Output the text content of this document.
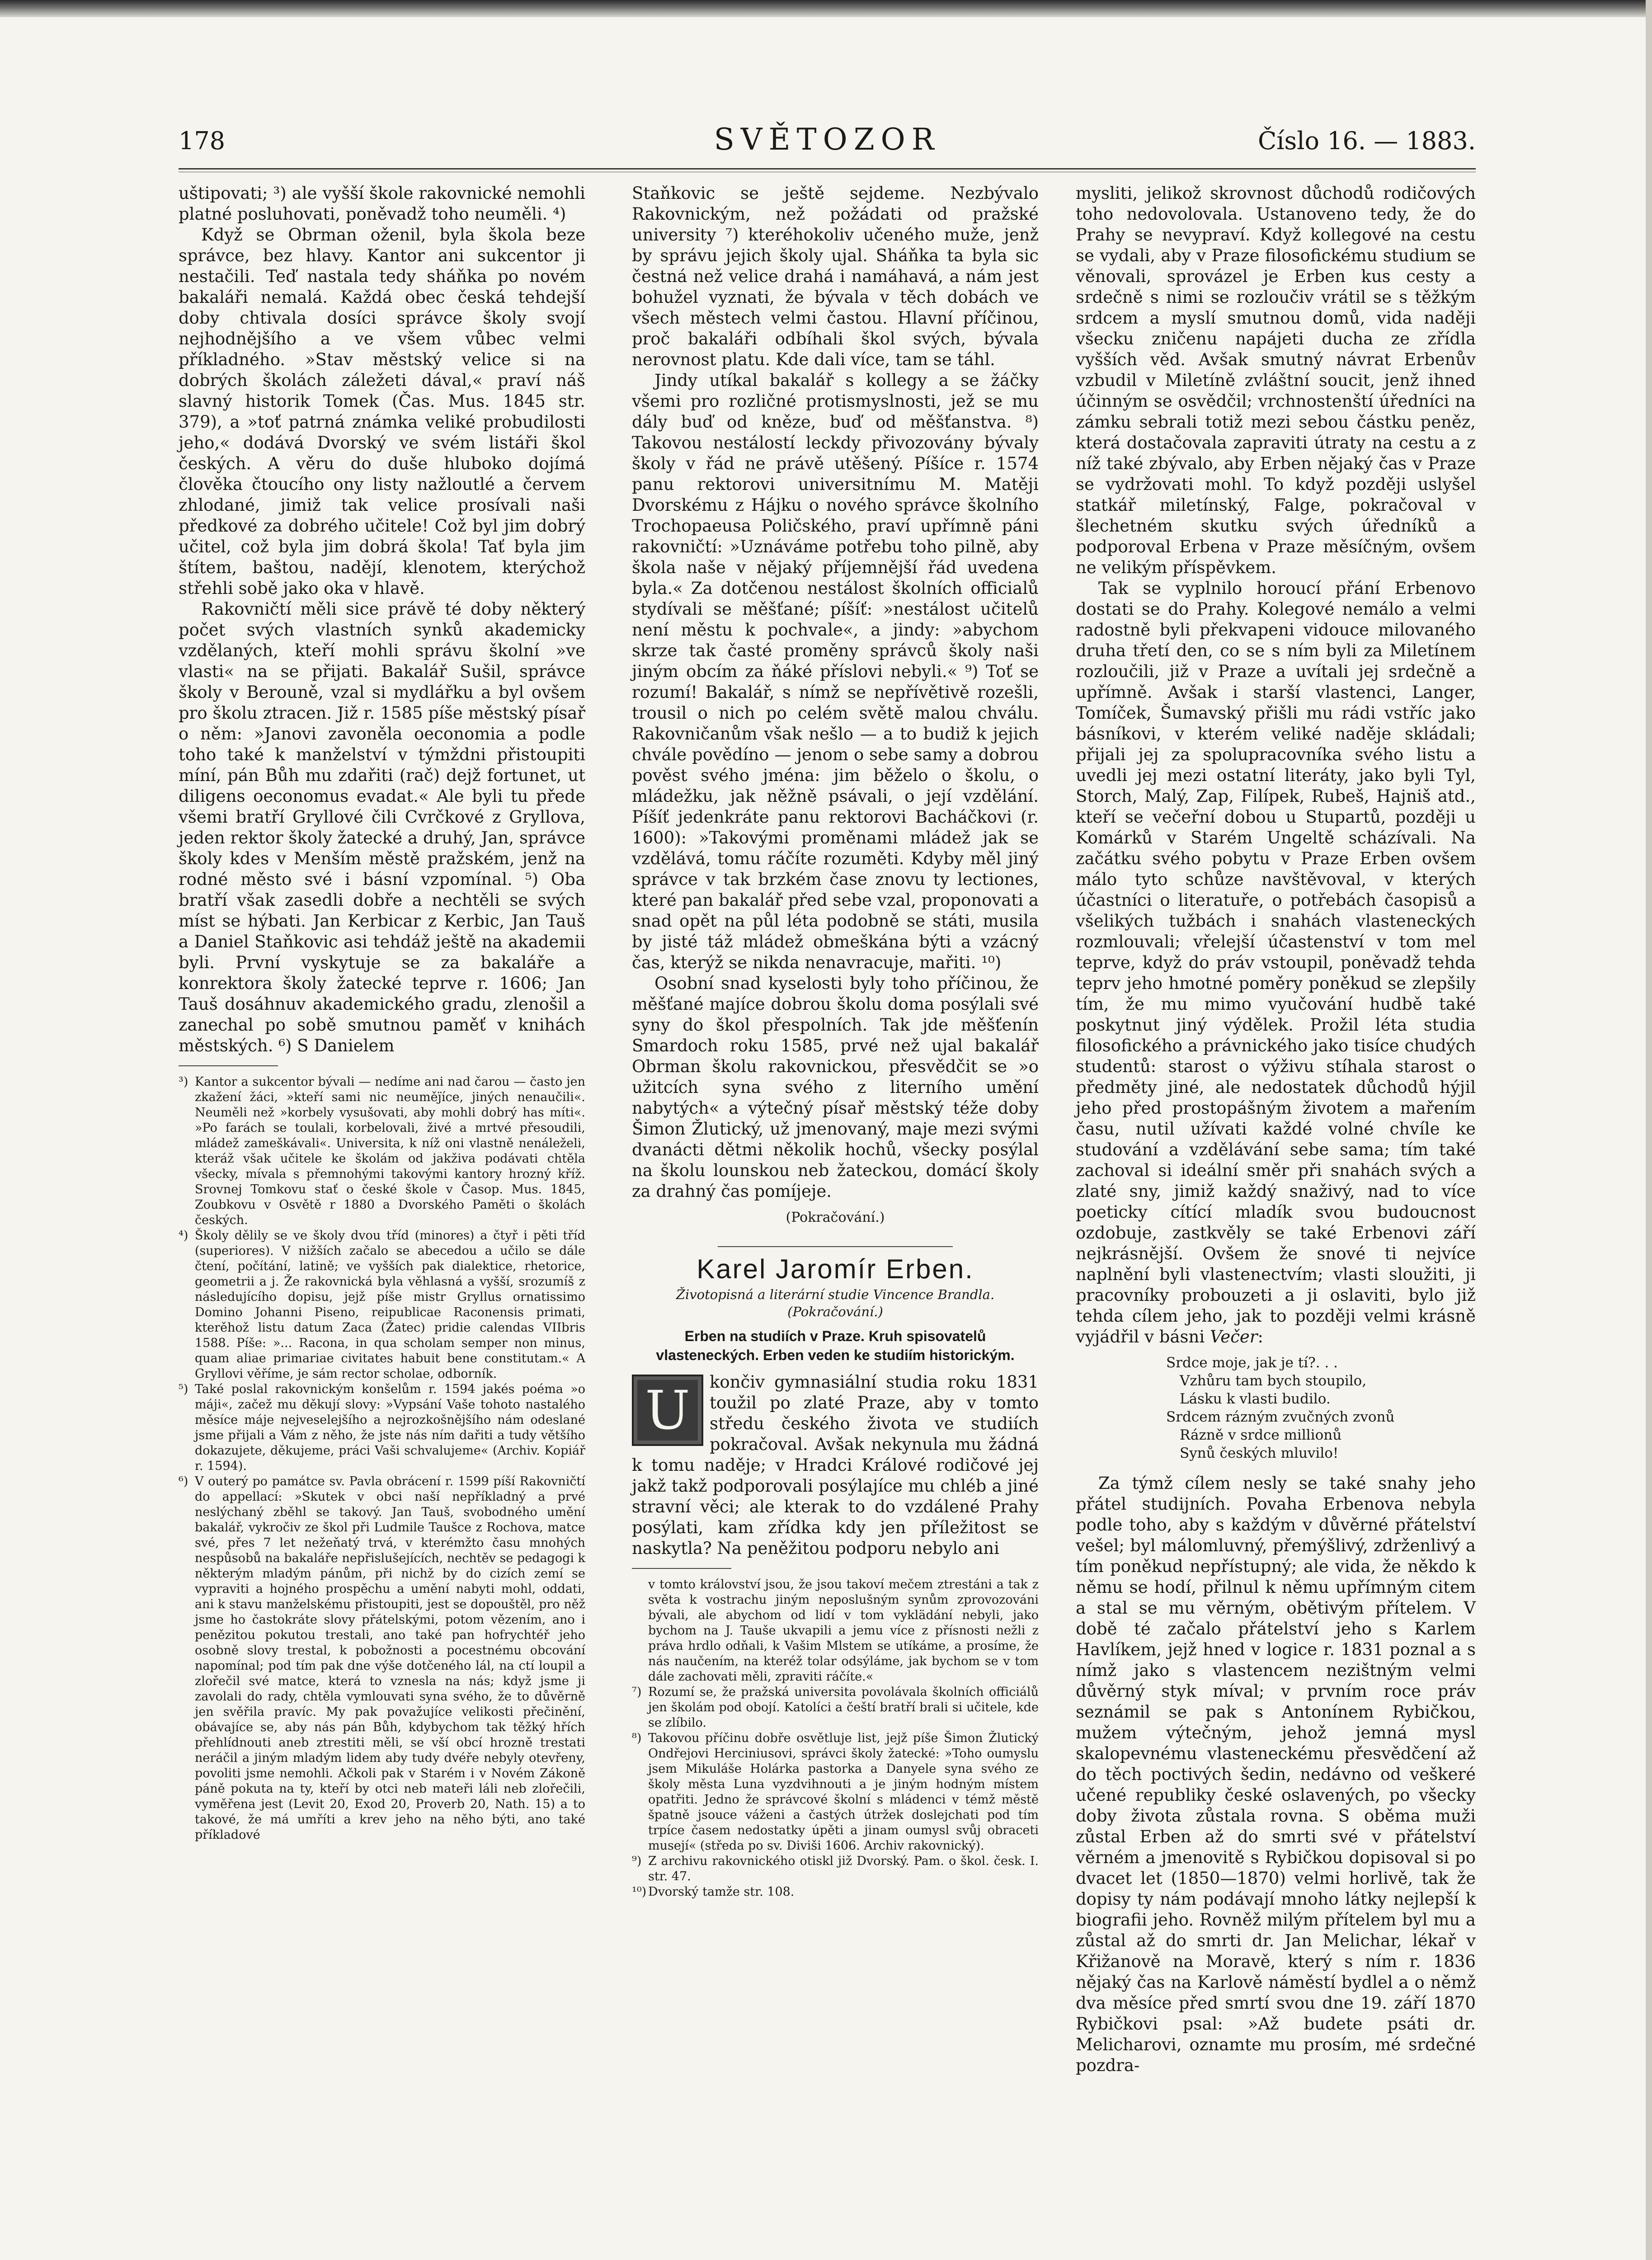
178	SVĚTOZOR	Číslo 16. — 1883.

uštipovati; ³) ale vyšší škole rakovnické nemohli platné posluhovati, poněvadž toho neuměli. ⁴)

Když se Obrman oženil, byla škola beze správce, bez hlavy. Kantor ani sukcentor ji nestačili. Teď nastala tedy sháňka po novém bakaláři nemalá. Každá obec česká tehdejší doby chtivala dosíci správce školy svojí nejhodnějšího a ve všem vůbec velmi příkladného. »Stav městský velice si na dobrých školách záležeti dával,« praví náš slavný historik Tomek (Čas. Mus. 1845 str. 379), a »toť patrná známka veliké probudilosti jeho,« dodává Dvorský ve svém listáři škol českých. A věru do duše hluboko dojímá člověka čtoucího ony listy nažloutlé a červem zhlodané, jimiž tak velice prosívali naši předkové za dobrého učitele! Což byl jim dobrý učitel, což byla jim dobrá škola! Tať byla jim štítem, baštou, nadějí, klenotem, kterýchož střehli sobě jako oka v hlavě.

Rakovničtí měli sice právě té doby některý počet svých vlastních synků akademicky vzdělaných, kteří mohli správu školní »ve vlasti« na se přijati. Bakalář Sušil, správce školy v Berouně, vzal si mydlářku a byl ovšem pro školu ztracen. Již r. 1585 píše městský písař o něm: »Janovi zavoněla oeconomia a podle toho také k manželství v týmždni přistoupiti míní, pán Bůh mu zdařiti (rač) dejž fortunet, ut diligens oeconomus evadat.« Ale byli tu přede všemi bratří Gryllové čili Cvrčkové z Gryllova, jeden rektor školy žatecké a druhý, Jan, správce školy kdes v Menším městě pražském, jenž na rodné město své i básní vzpomínal. ⁵) Oba bratří však zasedli dobře a nechtěli se svých míst se hýbati. Jan Kerbicar z Kerbic, Jan Tauš a Daniel Staňkovic asi tehdáž ještě na akademii byli. První vyskytuje se za bakaláře a konrektora školy žatecké teprve r. 1606; Jan Tauš dosáhnuv akademického gradu, zlenošil a zanechal po sobě smutnou paměť v knihách městských. ⁶) S Danielem

³) Kantor a sukcentor bývali — nedíme ani nad čarou — často jen zkažení žáci, »kteří sami nic neuměj̈íce, jiných nenaučili«. Neuměli než »korbely vysušovati, aby mohli dobrý has míti«. »Po farách se toulali, korbelovali, živé a mrtvé přesoudili, mládež zameškávali«. Universita, k níž oni vlastně nenáleželi, kteráž však učitele ke školám od jakživa podávati chtěla všecky, mívala s přemnohými takovými kantory hrozný kříž. Srovnej Tomkovu stať o české škole v Časop. Mus. 1845, Zoubkovu v Osvětě r 1880 a Dvorského Paměti o školách českých.

⁴) Školy dělily se ve školy dvou tříd (minores) a čtyř i pěti tříd (superiores). V nižších začalo se abecedou a učilo se dále čtení, počítání, latině; ve vyšších pak dialektice, rhetorice, geometrii a j. Že rakovnická byla věhlasná a vyšší, srozumíš z následujícího dopisu, jejž píše mistr Gryllus ornatissimo Domino Johanni Piseno, reipublicae Raconensis primati, kterěhož listu datum Zaca (Žatec) pridie calendas VIIbris 1588. Píše: »... Racona, in qua scholam semper non minus, quam aliae primariae civitates habuit bene constitutam.« A Gryllovi věříme, je sám rector scholae, odborník.

⁵) Také poslal rakovnickým konšelům r. 1594 jakés poéma »o máji«, začež mu děkují slovy: »Vypsání Vaše tohoto nastalého měsíce máje nejveselejšího a nejrozkošnějšího nám odeslané jsme přijali a Vám z něho, že jste nás ním dařiti a tudy většího dokazujete, děkujeme, práci Vaši schvalujeme« (Archiv. Kopiář r. 1594).

⁶) V outerý po památce sv. Pavla obrácení r. 1599 píší Rakovničtí do appellací: »Skutek v obci naší nepříkladný a prvé neslýchaný zběhl se takový. Jan Tauš, svobodného umění bakalář, vykročiv ze škol při Ludmile Taušce z Rochova, matce své, přes 7 let nežeňatý trvá, v kterémžto času mnohých nespůsobů na bakaláře nepřislušejících, nechtěv se pedagogi k některým mladým pánům, při nichž by do cizích zemí se vypraviti a hojného prospěchu a umění nabyti mohl, oddati, ani k stavu manželskému přistoupiti, jest se dopouštěl, pro něž jsme ho častokráte slovy přátelskými, potom vězením, ano i penězitou pokutou trestali, ano také pan hofrychtéř jeho osobně slovy trestal, k pobožnosti a pocestnému obcování napomínal; pod tím pak dne výše dotčeného lál, na ctí loupil a zlořečil své matce, která to vznesla na nás; když jsme ji zavolali do rady, chtěla vymlouvati syna svého, že to důvěrně jen svěřila pravíc. My pak považujíce velikosti přečinění, obávajíce se, aby nás pán Bůh, kdybychom tak těžký hřích přehlídnouti aneb ztrestiti měli, se vší obcí hrozně trestati neráčil a jiným mladým lidem aby tudy dvéře nebyly otevřeny, povoliti jsme nemohli. Ačkoli pak v Starém i v Novém Zákoně páně pokuta na ty, kteří by otci neb mateři láli neb zlořečili, vyměřena jest (Levit 20, Exod 20, Proverb 20, Nath. 15) a to takové, že má umříti a krev jeho na něho býti, ano také příkladové

Staňkovic se ještě sejdeme. Nezbývalo Rakovnickým, než požádati od pražské university ⁷) kteréhokoliv učeného muže, jenž by správu jejich školy ujal. Sháňka ta byla sic čestná než velice drahá i namáhavá, a nám jest bohužel vyznati, že bývala v těch dobách ve všech městech velmi častou. Hlavní příčinou, proč bakaláři odbíhali škol svých, bývala nerovnost platu. Kde dali více, tam se táhl.

Jindy utíkal bakalář s kollegy a se žáčky všemi pro rozličné protismyslnosti, jež se mu dály buď od kněze, buď od měšťanstva. ⁸) Takovou nestálostí leckdy přivozovány bývaly školy v řád ne právě utěšený. Píšíce r. 1574 panu rektorovi universitnímu M. Matěji Dvorskému z Hájku o nového správce školního Trochopaeusa Poličského, praví upřímně páni rakovničtí: »Uznáváme potřebu toho pilně, aby škola naše v nějaký příjemnější řád uvedena byla.« Za dotčenou nestálost školních officialů stydívali se měšťané; píšíť: »nestálost učitelů není městu k pochvale«, a jindy: »abychom skrze tak časté proměny správců školy naši jiným obcím za ňáké příslovi nebyli.« ⁹) Toť se rozumí! Bakalář, s nímž se nepřívětivě rozešli, trousil o nich po celém světě malou chválu. Rakovničanům však nešlo — a to budiž k jejich chvále povědíno — jenom o sebe samy a dobrou pověst svého jména: jim běželo o školu, o mládežku, jak něžně psávali, o její vzdělání. Píšíť jedenkráte panu rektorovi Bacháčkovi (r. 1600): »Takovými proměnami mládež jak se vzdělává, tomu ráčíte rozuměti. Kdyby měl jiný správce v tak brzkém čase znovu ty lectiones, které pan bakalář před sebe vzal, proponovati a snad opět na půl léta podobně se státi, musila by jisté táž mládež obmeškána býti a vzácný čas, kterýž se nikda nenavracuje, mařiti. ¹⁰)

Osobní snad kyselosti byly toho příčinou, že měšťané majíce dobrou školu doma posýlali své syny do škol přespolních. Tak jde měšťenín Smardoch roku 1585, prvé než ujal bakalář Obrman školu rakovnickou, přesvědčit se »o užitcích syna svého z literního umění nabytých« a výtečný písař městský téže doby Šimon Žlutický, už jmenovaný, maje mezi svými dvanácti dětmi několik hochů, všecky posýlal na školu lounskou neb žateckou, domácí školy za drahný čas pomíjeje.

(Pokračování.)
Karel Jaromír Erben.
Životopisná a literární studie Vincence Brandla.
(Pokračování.)
Erben na studiích v Praze. Kruh spisovatelů vlasteneckých. Erben veden ke studiím historickým.

U	končiv gymnasiální studia roku 1831 toužil po zlaté Praze, aby v tomto středu českého života ve studiích pokračoval. Avšak nekynula mu žádná k tomu naděje; v Hradci Králové rodičové jej jakž takž podporovali posýlajíce mu chléb a jiné stravní věci; ale kterak to do vzdálené Prahy posýlati, kam zřídka kdy jen příležitost se naskytla? Na peněžitou podporu nebylo ani

v tomto království jsou, že jsou takoví mečem ztrestáni a tak z světa k vostrachu jiným neposlušným synům zprovozováni bývali, ale abychom od lidí v tom vyklädání nebyli, jako bychom na J. Tauše ukvapili a jemu více z přísnosti nežli z práva hrdlo odňali, k Vašim Mlstem se utíkáme, a prosíme, že nás naučením, na kteréž tolar odsýláme, jak bychom se v tom dále zachovati měli, zpraviti ráčíte.«

⁷) Rozumí se, že pražská universita povolávala školních officiálů jen školám pod obojí. Katolíci a čeští bratří brali si učitele, kde se zlíbilo.

⁸) Takovou příčinu dobře osvětluje list, jejž píše Šimon Žlutický Ondřejovi Herciniusovi, správci školy žatecké: »Toho oumyslu jsem Mikuláše Holárka pastorka a Danyele syna svého ze školy města Luna vyzdvihnouti a je jiným hodným místem opatřiti. Jedno že správcové školní s mládenci v témž městě špatně jsouce váženi a častých útržek doslejchati pod tím trpíce časem nedostatky úpěti a jinam oumysl svůj obraceti musejí« (středa po sv. Diviši 1606. Archiv rakovnický).

⁹) Z archivu rakovnického otiskl již Dvorský. Pam. o škol. česk. I. str. 47.

¹⁰) Dvorský tamže str. 108.

mysliti, jelikož skrovnost důchodů rodičových toho nedovolovala. Ustanoveno tedy, že do Prahy se nevypraví. Když kollegové na cestu se vydali, aby v Praze filosofickému studium se věnovali, sprovázel je Erben kus cesty a srdečně s nimi se rozloučiv vrátil se s těžkým srdcem a myslí smutnou domů, vida naději všecku zničenu napájeti ducha ze zřídla vyšších věd. Avšak smutný návrat Erbenův vzbudil v Miletíně zvláštní soucit, jenž ihned účinným se osvědčil; vrchnostenští úředníci na zámku sebrali totiž mezi sebou částku peněz, která dostačovala zapraviti útraty na cestu a z níž také zbývalo, aby Erben nějaký čas v Praze se vydržovati mohl. To když později uslyšel statkář miletínský, Falge, pokračoval v šlechetném skutku svých úředníků a podporoval Erbena v Praze měsíčným, ovšem ne velikým příspěvkem.

Tak se vyplnilo horoucí přání Erbenovo dostati se do Prahy. Kolegové nemálo a velmi radostně byli překvapeni vidouce milovaného druha třetí den, co se s ním byli za Miletínem rozloučili, již v Praze a uvítali jej srdečně a upřímně. Avšak i starší vlastenci, Langer, Tomíček, Šumavský přišli mu rádi vstříc jako básníkovi, v kterém veliké naděje skládali; přijali jej za spolupracovníka svého listu a uvedli jej mezi ostatní literáty, jako byli Tyl, Storch, Malý, Zap, Filípek, Rubeš, Hajniš atd., kteří se večeřní dobou u Stupartů, později u Komárků v Starém Ungeltě scházívali. Na začátku svého pobytu v Praze Erben ovšem málo tyto schůze navštěvoval, v kterých účastníci o literatuře, o potřebách časopisů a všelikých tužbách i snahách vlasteneckých rozmlouvali; vřelejší účastenství v tom mel teprve, když do práv vstoupil, poněvadž tehda teprv jeho hmotné poměry poněkud se zlepšily tím, že mu mimo vyučování hudbě také poskytnut jiný výdělek. Prožil léta studia filosofického a právnického jako tisíce chudých studentů: starost o výživu stíhala starost o předměty jiné, ale nedostatek důchodů hýjil jeho před prostopášným životem a mařením času, nutil užívati každé volné chvíle ke studování a vzdělávání sebe sama; tím také zachoval si ideální směr při snahách svých a zlaté sny, jimiž každý snaživý, nad to více poeticky cítící mladík svou budoucnost ozdobuje, zastkvěly se také Erbenovi září nejkrásnější. Ovšem že snové ti nejvíce naplnění byli vlastenectvím; vlasti sloužiti, ji pracovníky probouzeti a ji oslaviti, bylo již tehda cílem jeho, jak to později velmi krásně vyjádřil v básni Večer:

Srdce moje, jak je tí?. . .
Vzhůru tam bych stoupilo,
Lásku k vlasti budilo.
Srdcem rázným zvučných zvonů
Rázně v srdce millionů
Synů českých mluvilo!

Za týmž cílem nesly se také snahy jeho přátel studijních. Povaha Erbenova nebyla podle toho, aby s každým v důvěrné přátelství vešel; byl málomluvný, přemýšlivý, zdrženlivý a tím poněkud nepřístupný; ale vida, že někdo k němu se hodí, přilnul k němu upřímným citem a stal se mu věrným, obětivým přítelem. V době té začalo přátelství jeho s Karlem Havlíkem, jejž hned v logice r. 1831 poznal a s nímž jako s vlastencem nezištným velmi důvěrný styk míval; v prvním roce práv seznámil se pak s Antonínem Rybičkou, mužem výtečným, jehož jemná mysl skalopevnému vlasteneckému přesvědčení až do těch poctivých šedin, nedávno od veškeré učené republiky české oslavených, po všecky doby života zůstala rovna. S oběma muži zůstal Erben až do smrti své v přátelství věrném a jmenovitě s Rybičkou dopisoval si po dvacet let (1850—1870) velmi horlivě, tak že dopisy ty nám podávají mnoho látky nejlepší k biografii jeho. Rovněž milým přítelem byl mu a zůstal až do smrti dr. Jan Melichar, lékař v Křižanově na Moravě, který s ním r. 1836 nějaký čas na Karlově náměstí bydlel a o němž dva měsíce před smrtí svou dne 19. září 1870 Rybičkovi psal: »Až budete psáti dr. Melicharovi, oznamte mu prosím, mé srdečné pozdra-
